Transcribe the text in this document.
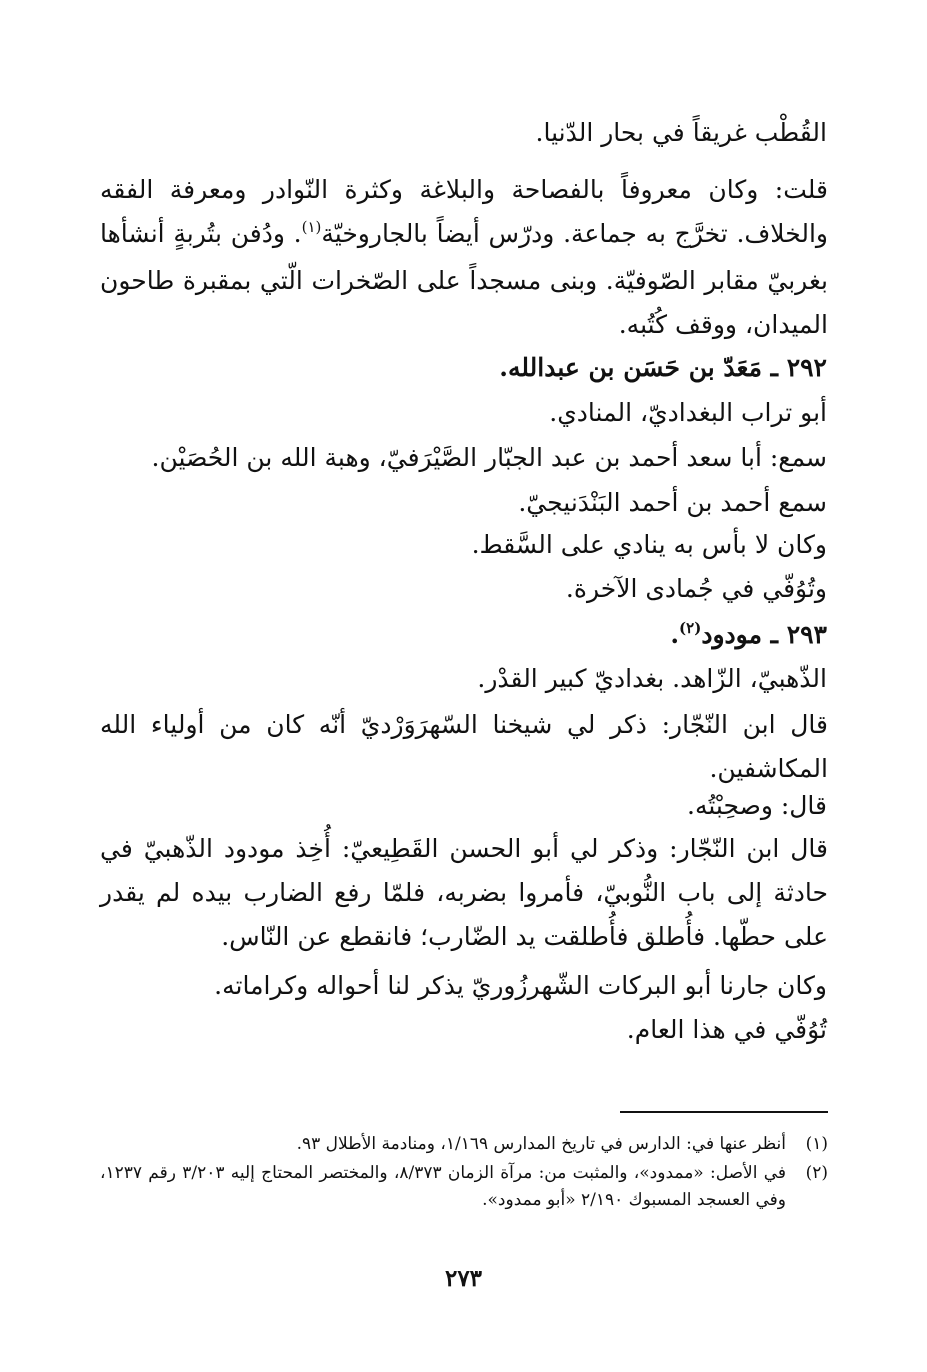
القُطْب غريقاً في بحار الدّنيا.
قلت: وكان معروفاً بالفصاحة والبلاغة وكثرة النّوادر ومعرفة الفقه والخلاف. تخرَّج به جماعة. ودرّس أيضاً بالجاروخيّة$^{(١)}$. ودُفن بتُربةٍ أنشأها بغربيّ مقابر الصّوفيّة. وبنى مسجداً على الصّخرات الّتي بمقبرة طاحون الميدان، ووقف كُتُبه.
٢٩٢ ـ مَعَدّ بن حَسَن بن عبدالله.
أبو تراب البغداديّ، المنادي.
سمع: أبا سعد أحمد بن عبد الجبّار الصَّيْرَفيّ، وهبة الله بن الحُصَيْن.
سمع أحمد بن أحمد البَنْدَنيجيّ.
وكان لا بأس به ينادي على السَّقط.
وتُوُفّي في جُمادى الآخرة.
٢٩٣ ـ مودود$^{(٢)}$.
الذّهبيّ، الزّاهد. بغداديّ كبير القدْر.
قال ابن النّجّار: ذكر لي شيخنا السّهرَوَرْديّ أنّه كان من أولياء الله المكاشفين.
قال: وصحِبْتُه.
قال ابن النّجّار: وذكر لي أبو الحسن القَطِيعيّ: أُخِذ مودود الذّهبيّ في حادثة إلى باب النُّوبيّ، فأمروا بضربه، فلمّا رفع الضارب بيده لم يقدر على حطّها. فأُطلق فأُطلقت يد الضّارب؛ فانقطع عن النّاس.
وكان جارنا أبو البركات الشّهرزُوريّ يذكر لنا أحواله وكراماته.
تُوُفّي في هذا العام.
(١)
أنظر عنها في: الدارس في تاريخ المدارس ١/١٦٩، ومنادمة الأطلال ٩٣.
(٢)
في الأصل: «ممدود»، والمثبت من: مرآة الزمان ٨/٣٧٣، والمختصر المحتاج إليه ٣/٢٠٣ رقم ١٢٣٧، وفي العسجد المسبوك ٢/١٩٠ «أبو ممدود».
٢٧٣
